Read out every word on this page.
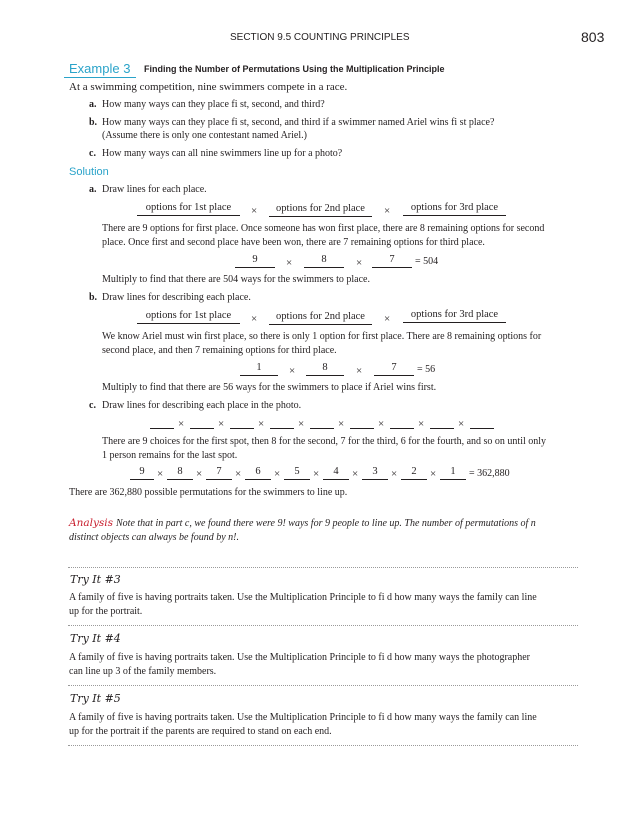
SECTION 9.5 COUNTING PRINCIPLES	803
Example 3 Finding the Number of Permutations Using the Multiplication Principle
At a swimming competition, nine swimmers compete in a race.
a. How many ways can they place fi st, second, and third?
b. How many ways can they place fi st, second, and third if a swimmer named Ariel wins fi st place?
(Assume there is only one contestant named Ariel.)
c. How many ways can all nine swimmers line up for a photo?
Solution
a. Draw lines for each place.
options for 1st place	×	options for 2nd place	×	options for 3rd place
There are 9 options for first place. Once someone has won first place, there are 8 remaining options for second
place. Once first and second place have been won, there are 7 remaining options for third place.
9	×	8	×	7	= 504
Multiply to find that there are 504 ways for the swimmers to place.
b. Draw lines for describing each place.
options for 1st place	×	options for 2nd place	×	options for 3rd place
We know Ariel must win first place, so there is only 1 option for first place. There are 8 remaining options for
second place, and then 7 remaining options for third place.
1	×	8	×	7	= 56
Multiply to find that there are 56 ways for the swimmers to place if Ariel wins first.
c. Draw lines for describing each place in the photo.
×	×	×	×	×	×	×	×
There are 9 choices for the first spot, then 8 for the second, 7 for the third, 6 for the fourth, and so on until only
1 person remains for the last spot.
9	×	8	×	7	×	6	×	5	×	4	×	3	×	2	×	1	= 362,880
There are 362,880 possible permutations for the swimmers to line up.
Analysis Note that in part c, we found there were 9! ways for 9 people to line up. The number of permutations of n
distinct objects can always be found by n!.
Try It #3
A family of five is having portraits taken. Use the Multiplication Principle to fi d how many ways the family can line
up for the portrait.
Try It #4
A family of five is having portraits taken. Use the Multiplication Principle to fi d how many ways the photographer
can line up 3 of the family members.
Try It #5
A family of five is having portraits taken. Use the Multiplication Principle to fi d how many ways the family can line
up for the portrait if the parents are required to stand on each end.
